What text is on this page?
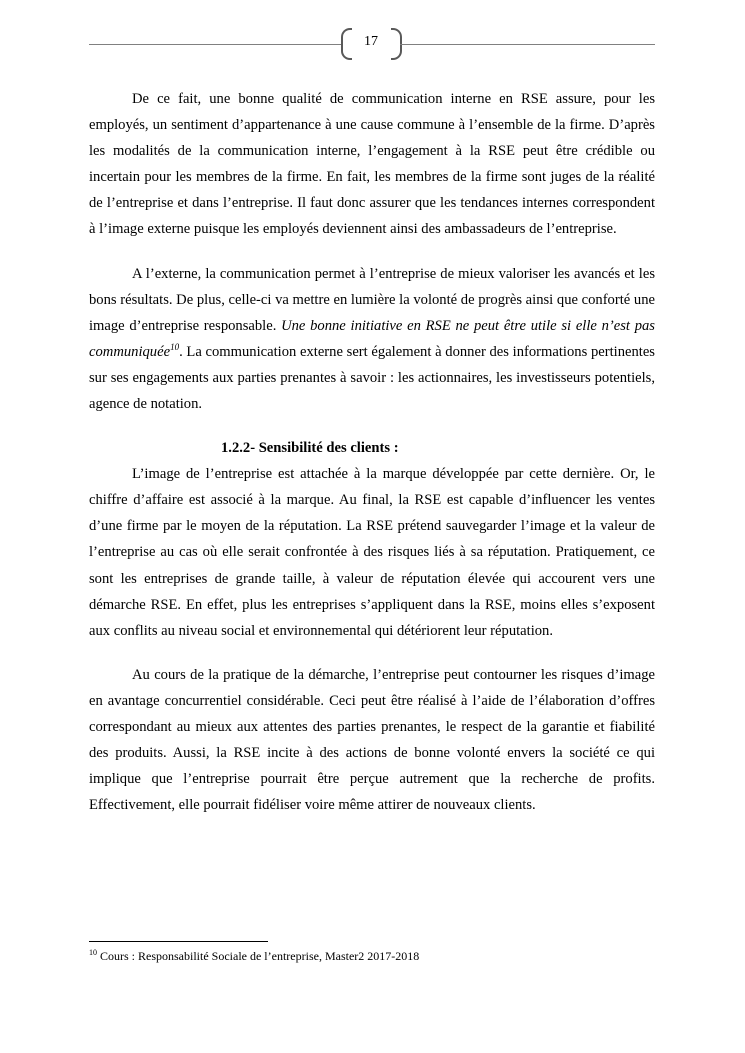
17

De ce fait, une bonne qualité de communication interne en RSE assure, pour les employés, un sentiment d’appartenance à une cause commune à l’ensemble de la firme. D’après les modalités de la communication interne, l’engagement à la RSE peut être crédible ou incertain pour les membres de la firme. En fait, les membres de la firme sont juges de la réalité de l’entreprise et dans l’entreprise. Il faut donc assurer que les tendances internes correspondent à l’image externe puisque les employés deviennent ainsi des ambassadeurs de l’entreprise.

A l’externe, la communication permet à l’entreprise de mieux valoriser les avancés et les bons résultats. De plus, celle-ci va mettre en lumière la volonté de progrès ainsi que conforté une image d’entreprise responsable. Une bonne initiative en RSE ne peut être utile si elle n’est pas communiquée$^{10}$. La communication externe sert également à donner des informations pertinentes sur ses engagements aux parties prenantes à savoir : les actionnaires, les investisseurs potentiels, agence de notation.

1.2.2- Sensibilité des clients :

L’image de l’entreprise est attachée à la marque développée par cette dernière. Or, le chiffre d’affaire est associé à la marque. Au final, la RSE est capable d’influencer les ventes d’une firme par le moyen de la réputation. La RSE prétend sauvegarder l’image et la valeur de l’entreprise au cas où elle serait confrontée à des risques liés à sa réputation. Pratiquement, ce sont les entreprises de grande taille, à valeur de réputation élevée qui accourent vers une démarche RSE. En effet, plus les entreprises s’appliquent dans la RSE, moins elles s’exposent aux conflits au niveau social et environnemental qui détériorent leur réputation.

Au cours de la pratique de la démarche, l’entreprise peut contourner les risques d’image en avantage concurrentiel considérable. Ceci peut être réalisé à l’aide de l’élaboration d’offres correspondant au mieux aux attentes des parties prenantes, le respect de la garantie et fiabilité des produits. Aussi, la RSE incite à des actions de bonne volonté envers la société ce qui implique que l’entreprise pourrait être perçue autrement que la recherche de profits. Effectivement, elle pourrait fidéliser voire même attirer de nouveaux clients.

$^{10}$ Cours : Responsabilité Sociale de l’entreprise, Master2 2017-2018
